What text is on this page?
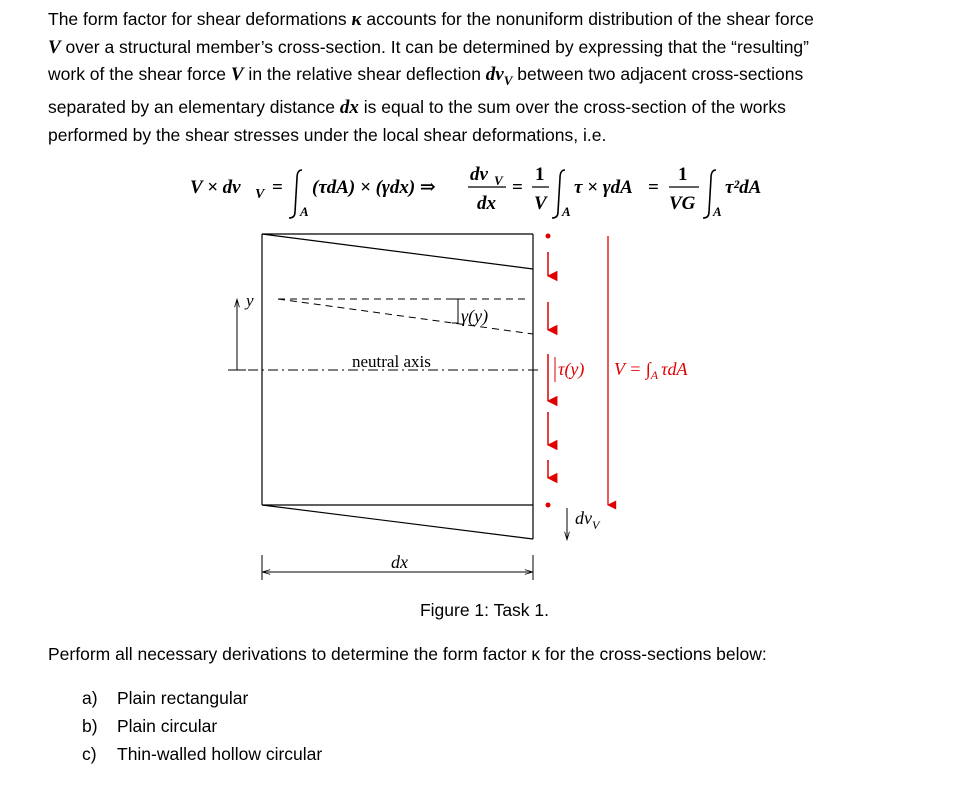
The form factor for shear deformations κ accounts for the nonuniform distribution of the shear force
V over a structural member’s cross-section. It can be determined by expressing that the “resulting”
work of the shear force V in the relative shear deflection $dv_V$ between two adjacent cross-sections
separated by an elementary distance dx is equal to the sum over the cross-section of the works
performed by the shear stresses under the local shear deformations, i.e.
V × dv V =
A
(τdA) × (γdx) ⇒
dv V
dx
=
1
V A
τ × γdA =
1
VG A
τ²dA
γ(y)
neutral axis
y
τ(y) $V = \int_A$ τdA
$dv_V$
dx
Figure 1: Task 1.
Perform all necessary derivations to determine the form factor κ for the cross-sections below:
a) Plain rectangular
b) Plain circular
c) Thin-walled hollow circular
